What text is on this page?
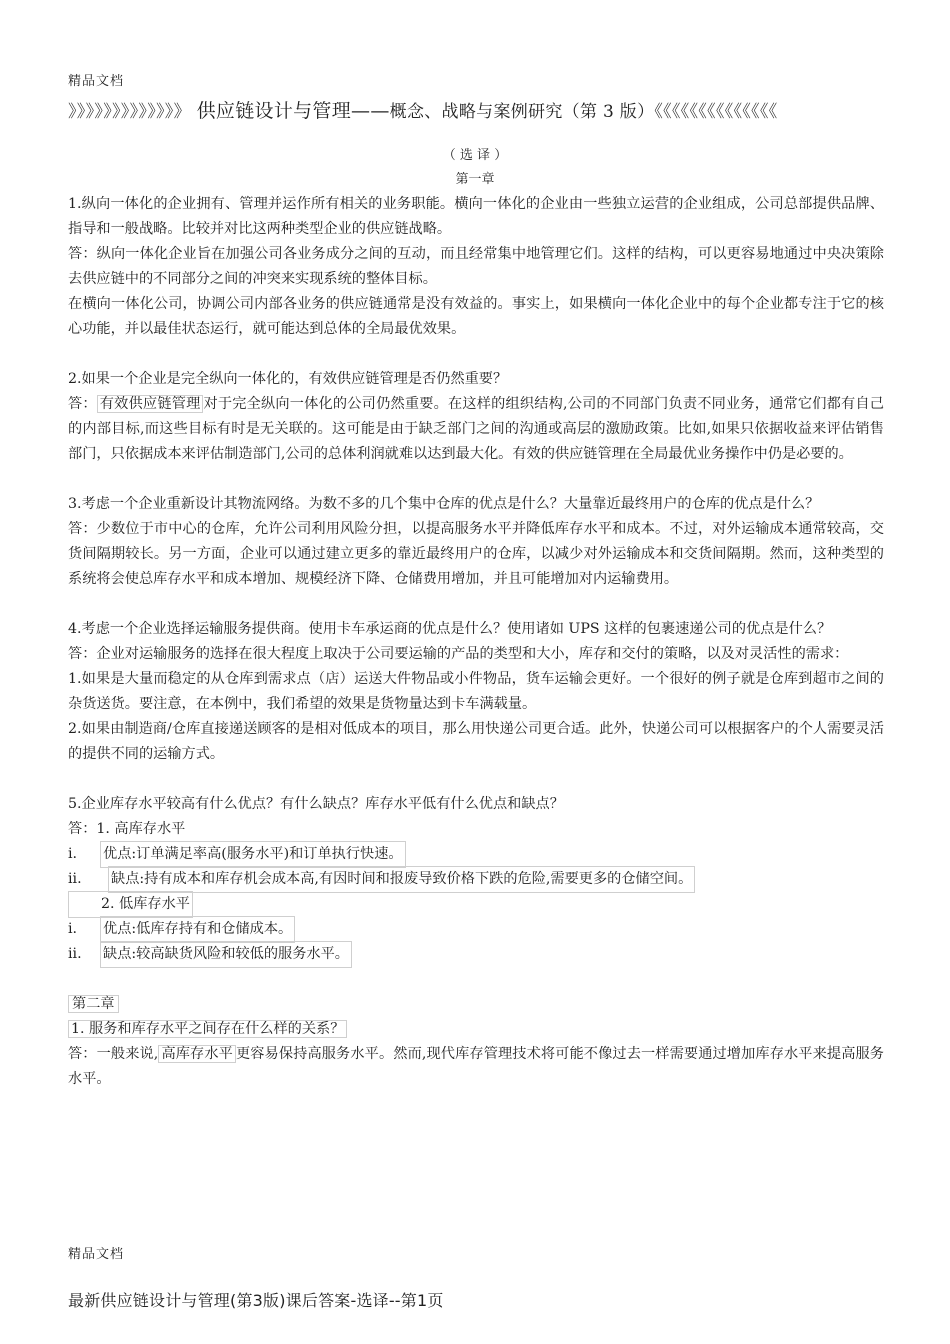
精品文档
》》》》》》》》》》》》》 供应链设计与管理——概念、战略与案例研究（第 3 版）《《《《《《《《《《《《《《
（ 选 译 ）
第一章

1.纵向一体化的企业拥有、管理并运作所有相关的业务职能。横向一体化的企业由一些独立运营的企业组成，公司总部提供品牌、指导和一般战略。比较并对比这两种类型企业的供应链战略。

答：纵向一体化企业旨在加强公司各业务成分之间的互动，而且经常集中地管理它们。这样的结构，可以更容易地通过中央决策除去供应链中的不同部分之间的冲突来实现系统的整体目标。

在横向一体化公司，协调公司内部各业务的供应链通常是没有效益的。事实上，如果横向一体化企业中的每个企业都专注于它的核心功能，并以最佳状态运行，就可能达到总体的全局最优效果。

2.如果一个企业是完全纵向一体化的，有效供应链管理是否仍然重要？

答： 有效供应链管理 对于完全纵向一体化的公司仍然重要。在这样的组织结构,公司的不同部门负责不同业务，通常它们都有自己的内部目标,而这些目标有时是无关联的。这可能是由于缺乏部门之间的沟通或高层的激励政策。比如,如果只依据收益来评估销售部门，只依据成本来评估制造部门,公司的总体利润就难以达到最大化。有效的供应链管理在全局最优业务操作中仍是必要的。

3.考虑一个企业重新设计其物流网络。为数不多的几个集中仓库的优点是什么？大量靠近最终用户的仓库的优点是什么？

答：少数位于市中心的仓库，允许公司利用风险分担，以提高服务水平并降低库存水平和成本。不过，对外运输成本通常较高，交货间隔期较长。另一方面，企业可以通过建立更多的靠近最终用户的仓库，以减少对外运输成本和交货间隔期。然而，这种类型的系统将会使总库存水平和成本增加、规模经济下降、仓储费用增加，并且可能增加对内运输费用。

4.考虑一个企业选择运输服务提供商。使用卡车承运商的优点是什么？使用诸如 UPS 这样的包裹速递公司的优点是什么？

答：企业对运输服务的选择在很大程度上取决于公司要运输的产品的类型和大小，库存和交付的策略，以及对灵活性的需求：

1.如果是大量而稳定的从仓库到需求点（店）运送大件物品或小件物品，货车运输会更好。一个很好的例子就是仓库到超市之间的杂货送货。要注意，在本例中，我们希望的效果是货物量达到卡车满载量。

2.如果由制造商/仓库直接递送顾客的是相对低成本的项目，那么用快递公司更合适。此外，快递公司可以根据客户的个人需要灵活的提供不同的运输方式。

5.企业库存水平较高有什么优点？有什么缺点？库存水平低有什么优点和缺点？

答：1. 高库存水平

i.	优点:订单满足率高(服务水平)和订单执行快速。
ii.	缺点:持有成本和库存机会成本高,有因时间和报废导致价格下跌的危险,需要更多的仓储空间。
2. 低库存水平
i.	优点:低库存持有和仓储成本。
ii.	缺点:较高缺货风险和较低的服务水平。

第二章

1. 服务和库存水平之间存在什么样的关系？

答：一般来说, 高库存水平 更容易保持高服务水平。然而,现代库存管理技术将可能不像过去一样需要通过增加库存水平来提高服务水平。

精品文档
最新供应链设计与管理(第3版)课后答案-选译--第1页
